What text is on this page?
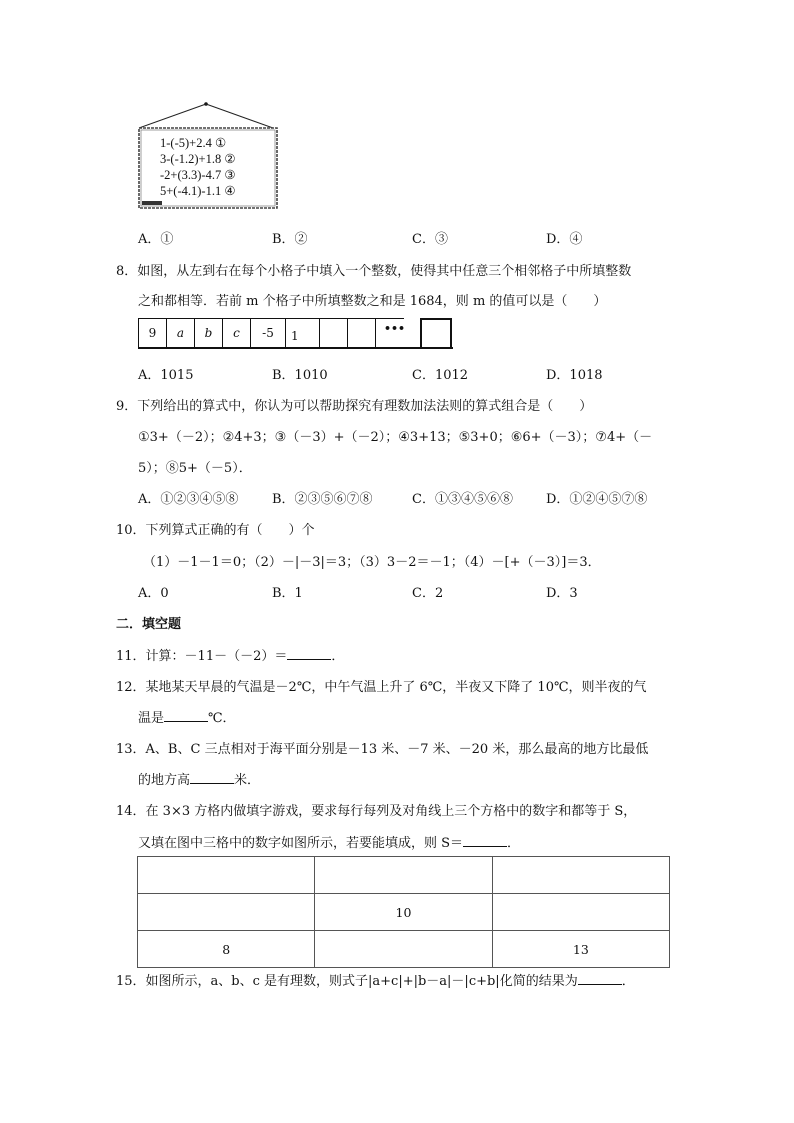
1-(-5)+2.4 ①
3-(-1.2)+1.8 ②
-2+(3.3)-4.7 ③
5+(-4.1)-1.1 ④
A．①	B．②	C．③	D．④
8．如图，从左到右在每个小格子中填入一个整数，使得其中任意三个相邻格子中所填整数
之和都相等．若前 m 个格子中所填整数之和是 1684，则 m 的值可以是（　　）
9	a	b	c	-5	1
•••
A．1015	B．1010	C．1012	D．1018
9．下列给出的算式中，你认为可以帮助探究有理数加法法则的算式组合是（　　）
①3+（－2）；②4+3；③（－3）+（－2）；④3+13；⑤3+0；⑥6+（－3）；⑦4+（－
5）；⑧5+（－5）．
A．①②③④⑤⑧	B．②③⑤⑥⑦⑧	C．①③④⑤⑥⑧	D．①②④⑤⑦⑧
10．下列算式正确的有（　　）个
（1）－1－1＝0；（2）－|－3|＝3；（3）3－2＝－1；（4）－[+（－3）]＝3．
A．0	B．1	C．2	D．3
二．填空题
11．计算：－11－（－2）＝	．
12．某地某天早晨的气温是－2℃，中午气温上升了 6℃，半夜又下降了 10℃，则半夜的气
温是	℃．
13．A、B、C 三点相对于海平面分别是－13 米、－7 米、－20 米，那么最高的地方比最低
的地方高	米．
14．在 3×3 方格内做填字游戏，要求每行每列及对角线上三个方格中的数字和都等于 S，
又填在图中三格中的数字如图所示，若要能填成，则 S＝	．

	10	
8		13
15．如图所示，a、b、c 是有理数，则式子|a+c|+|b－a|－|c+b|化简的结果为	．
